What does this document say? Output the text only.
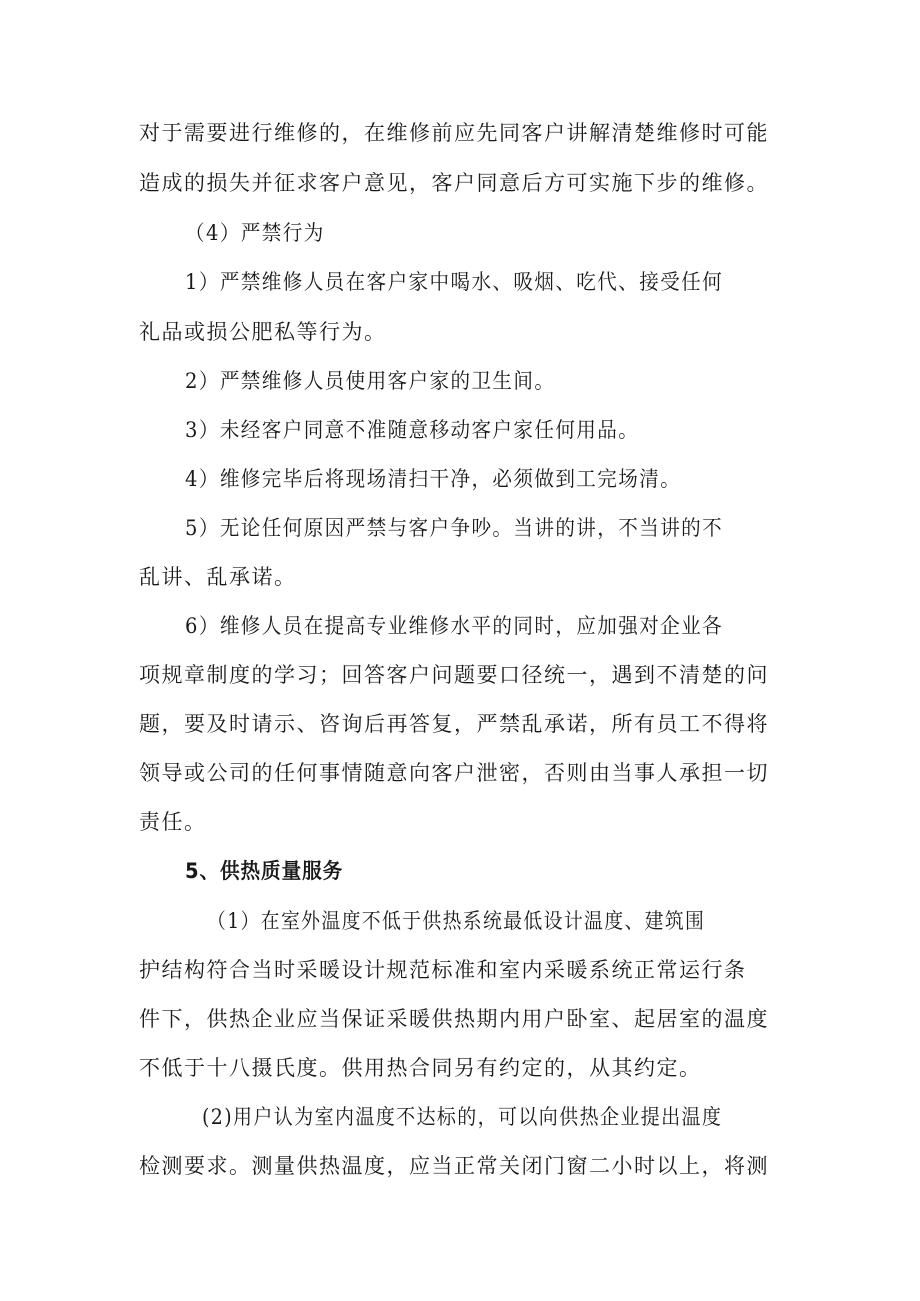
对于需要进行维修的，在维修前应先同客户讲解清楚维修时可能
造成的损失并征求客户意见，客户同意后方可实施下步的维修。
（4）严禁行为
1）严禁维修人员在客户家中喝水、吸烟、吃代、接受任何
礼品或损公肥私等行为。
2）严禁维修人员使用客户家的卫生间。
3）未经客户同意不准随意移动客户家任何用品。
4）维修完毕后将现场清扫干净，必须做到工完场清。
5）无论任何原因严禁与客户争吵。当讲的讲，不当讲的不
乱讲、乱承诺。
6）维修人员在提高专业维修水平的同时，应加强对企业各
项规章制度的学习；回答客户问题要口径统一，遇到不清楚的问
题，要及时请示、咨询后再答复，严禁乱承诺，所有员工不得将
领导或公司的任何事情随意向客户泄密，否则由当事人承担一切
责任。
5、供热质量服务
（1）在室外温度不低于供热系统最低设计温度、建筑围
护结构符合当时采暖设计规范标准和室内采暖系统正常运行条
件下，供热企业应当保证采暖供热期内用户卧室、起居室的温度
不低于十八摄氏度。供用热合同另有约定的，从其约定。
(2)用户认为室内温度不达标的，可以向供热企业提出温度
检测要求。测量供热温度，应当正常关闭门窗二小时以上，将测
